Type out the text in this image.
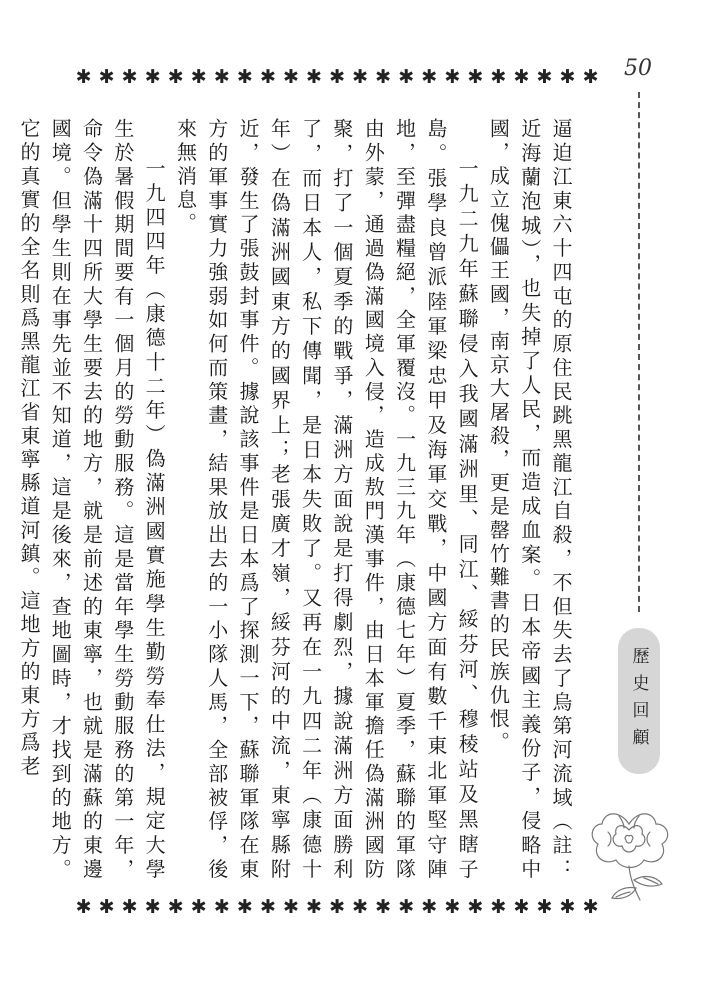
✱ ✱ ✱ ✱ ✱ ✱ ✱ ✱ ✱ ✱ ✱ ✱ ✱ ✱ ✱ ✱ ✱ ✱ ✱ ✱ ✱ ✱ ✱ 50

逼迫江東六十四屯的原住民跳黑龍江自殺，不但失去了烏第河流域（註：近海蘭泡城），也失掉了人民，而造成血案。日本帝國主義份子，侵略中國，成立傀儡王國，南京大屠殺，更是罄竹難書的民族仇恨。

一九二九年蘇聯侵入我國滿洲里、同江、綏芬河、穆稜站及黑瞎子島。張學良曾派陸軍梁忠甲及海軍交戰，中國方面有數千東北軍堅守陣地，至彈盡糧絕，全軍覆沒。一九三九年（康德七年）夏季，蘇聯的軍隊由外蒙，通過偽滿國境入侵，造成敖門漢事件，由日本軍擔任偽滿洲國防聚，打了一個夏季的戰爭，滿洲方面說是打得劇烈，據說滿洲方面勝利了，而日本人，私下傳聞，是日本失敗了。又再在一九四二年（康德十年）在偽滿洲國東方的國界上；老張廣才嶺，綏芬河的中流，東寧縣附近，發生了張鼓封事件。據說該事件是日本爲了探測一下，蘇聯軍隊在東方的軍事實力強弱如何而策畫，結果放出去的一小隊人馬，全部被俘，後來無消息。

一九四四年（康德十二年）偽滿洲國實施學生勤勞奉仕法，規定大學生於暑假期間要有一個月的勞動服務。這是當年學生勞動服務的第一年，命令偽滿十四所大學生要去的地方，就是前述的東寧，也就是滿蘇的東邊國境。但學生則在事先並不知道，這是後來，查地圖時，才找到的地方。它的真實的全名則爲黑龍江省東寧縣道河鎮。這地方的東方爲老	歷史回顧
✱ ✱ ✱ ✱ ✱ ✱ ✱ ✱ ✱ ✱ ✱ ✱ ✱ ✱ ✱ ✱ ✱ ✱ ✱ ✱ ✱ ✱ ✱
